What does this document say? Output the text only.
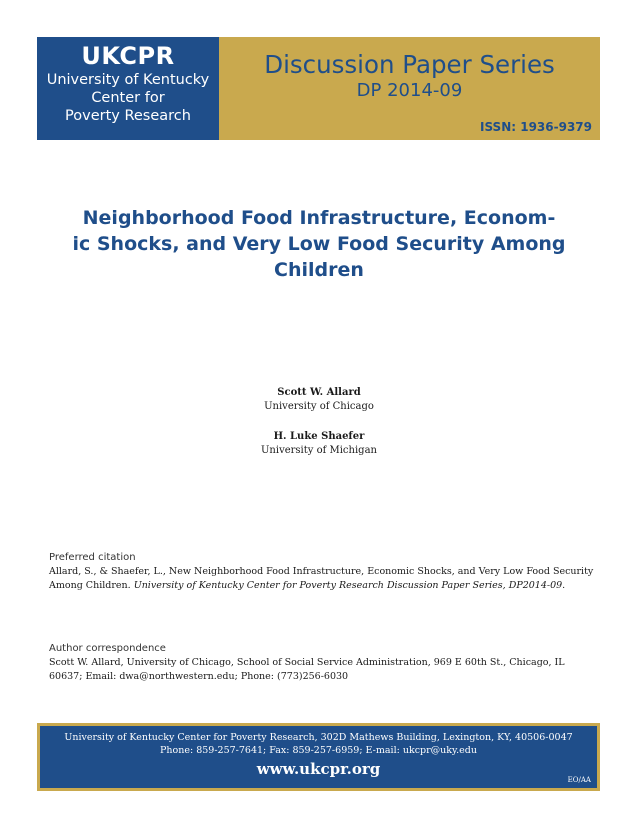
UKCPR
University of Kentucky
Center for
Poverty Research
Discussion Paper Series
DP 2014-09
ISSN: 1936-9379
Neighborhood Food Infrastructure, Econom-
ic Shocks, and Very Low Food Security Among
Children
Scott W. Allard
University of Chicago
H. Luke Shaefer
University of Michigan
Preferred citation
Allard, S., & Shaefer, L., New Neighborhood Food Infrastructure, Economic Shocks, and Very Low Food Security Among Children. University of Kentucky Center for Poverty Research Discussion Paper Series, DP2014-09.
Author correspondence
Scott W. Allard, University of Chicago, School of Social Service Administration, 969 E 60th St., Chicago, IL 60637; Email: dwa@northwestern.edu; Phone: (773)256-6030
University of Kentucky Center for Poverty Research, 302D Mathews Building, Lexington, KY, 40506-0047
Phone: 859-257-7641; Fax: 859-257-6959; E-mail: ukcpr@uky.edu
www.ukcpr.org
EO/AA
